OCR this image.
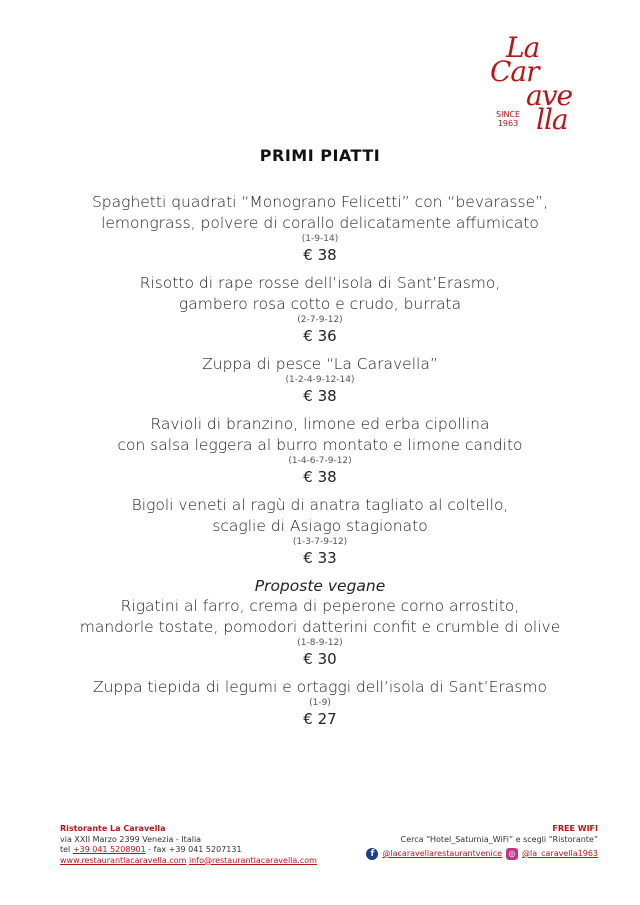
La
Car
ave
lla
SINCE
1963
PRIMI PIATTI
Spaghetti quadrati “Monograno Felicetti” con “bevarasse”,
lemongrass, polvere di corallo delicatamente affumicato
(1-9-14)
€ 38
Risotto di rape rosse dell’isola di Sant’Erasmo,
gambero rosa cotto e crudo, burrata
(2-7-9-12)
€ 36
Zuppa di pesce “La Caravella”
(1-2-4-9-12-14)
€ 38
Ravioli di branzino, limone ed erba cipollina
con salsa leggera al burro montato e limone candito
(1-4-6-7-9-12)
€ 38
Bigoli veneti al ragù di anatra tagliato al coltello,
scaglie di Asiago stagionato
(1-3-7-9-12)
€ 33
Proposte vegane
Rigatini al farro, crema di peperone corno arrostito,
mandorle tostate, pomodori datterini confit e crumble di olive
(1-8-9-12)
€ 30
Zuppa tiepida di legumi e ortaggi dell’isola di Sant’Erasmo
(1-9)
€ 27
Ristorante La Caravella
via XXII Marzo 2399 Venezia - Italia
tel +39 041 5208901 - fax +39 041 5207131
www.restaurantlacaravella.com info@restaurantlacaravella.com
FREE WIFI
Cerca “Hotel_Saturnia_WiFi” e scegli “Ristorante”
f	@lacaravellarestaurantvenice ◎ @la_caravella1963
